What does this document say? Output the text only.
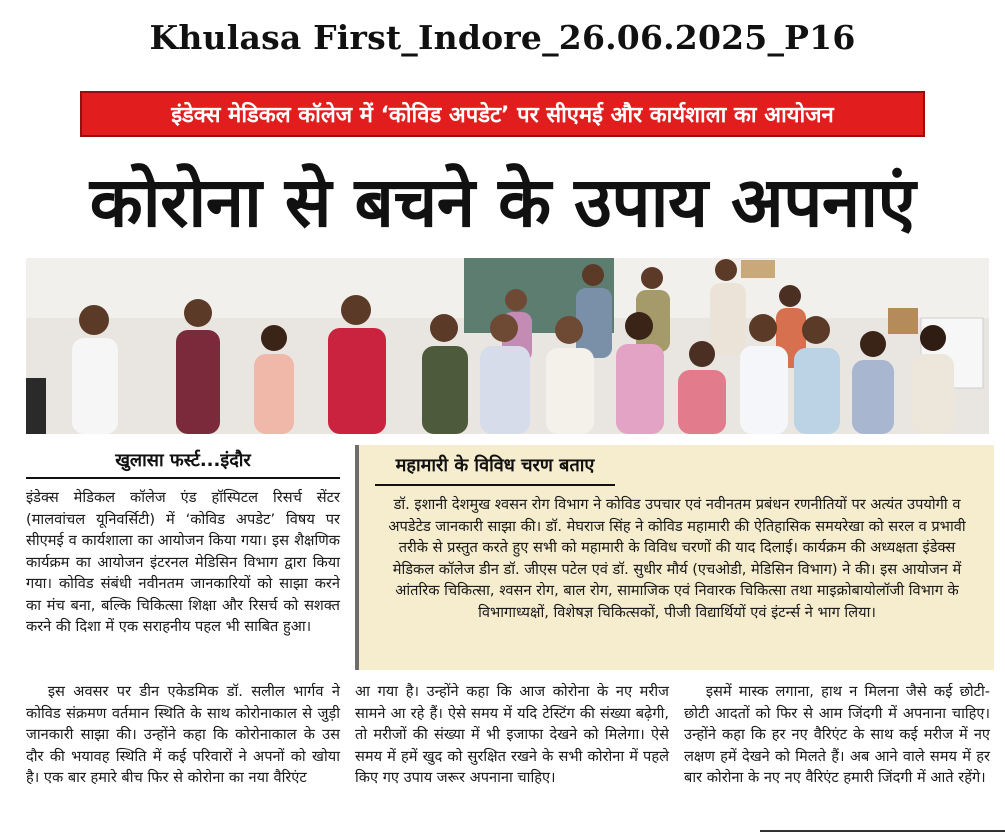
Khulasa First_Indore_26.06.2025_P16
इंडेक्स मेडिकल कॉलेज में ‘कोविड अपडेट’ पर सीएमई और कार्यशाला का आयोजन
कोरोना से बचने के उपाय अपनाएं
खुलासा फर्स्ट...इंदौर	महामारी के विविध चरण बताए
डॉ. इशानी देशमुख श्वसन रोग विभाग ने कोविड उपचार एवं नवीनतम प्रबंधन रणनीतियों पर अत्यंत उपयोगी व अपडेटेड जानकारी साझा की। डॉ. मेघराज सिंह ने कोविड महामारी की ऐतिहासिक समयरेखा को सरल व प्रभावी तरीके से प्रस्तुत करते हुए सभी को महामारी के विविध चरणों की याद दिलाई। कार्यक्रम की अध्यक्षता इंडेक्स मेडिकल कॉलेज डीन डॉ. जीएस पटेल एवं डॉ. सुधीर मौर्य (एचओडी, मेडिसिन विभाग) ने की। इस आयोजन में आंतरिक चिकित्सा, श्वसन रोग, बाल रोग, सामाजिक एवं निवारक चिकित्सा तथा माइक्रोबायोलॉजी विभाग के विभागाध्यक्षों, विशेषज्ञ चिकित्सकों, पीजी विद्यार्थियों एवं इंटर्न्स ने भाग लिया।

इंडेक्स मेडिकल कॉलेज एंड हॉस्पिटल रिसर्च सेंटर (मालवांचल यूनिवर्सिटी) में ‘कोविड अपडेट’ विषय पर सीएमई व कार्यशाला का आयोजन किया गया। इस शैक्षणिक कार्यक्रम का आयोजन इंटरनल मेडिसिन विभाग द्वारा किया गया। कोविड संबंधी नवीनतम जानकारियों को साझा करने का मंच बना, बल्कि चिकित्सा शिक्षा और रिसर्च को सशक्त करने की दिशा में एक सराहनीय पहल भी साबित हुआ।

इस अवसर पर डीन एकेडमिक डॉ. सलील भार्गव ने कोविड संक्रमण वर्तमान स्थिति के साथ कोरोनाकाल से जुड़ी जानकारी साझा की। उन्होंने कहा कि कोरोनाकाल के उस दौर की भयावह स्थिति में कई परिवारों ने अपनों को खोया है। एक बार हमारे बीच फिर से कोरोना का नया वैरिएंट

आ गया है। उन्होंने कहा कि आज कोरोना के नए मरीज सामने आ रहे हैं। ऐसे समय में यदि टेस्टिंग की संख्या बढ़ेगी, तो मरीजों की संख्या में भी इजाफा देखने को मिलेगा। ऐसे समय में हमें खुद को सुरक्षित रखने के सभी कोरोना में पहले किए गए उपाय जरूर अपनाना चाहिए।

इसमें मास्क लगाना, हाथ न मिलना जैसे कई छोटी-छोटी आदतों को फिर से आम जिंदगी में अपनाना चाहिए। उन्होंने कहा कि हर नए वैरिएंट के साथ कई मरीज में नए लक्षण हमें देखने को मिलते हैं। अब आने वाले समय में हर बार कोरोना के नए नए वैरिएंट हमारी जिंदगी में आते रहेंगे।
